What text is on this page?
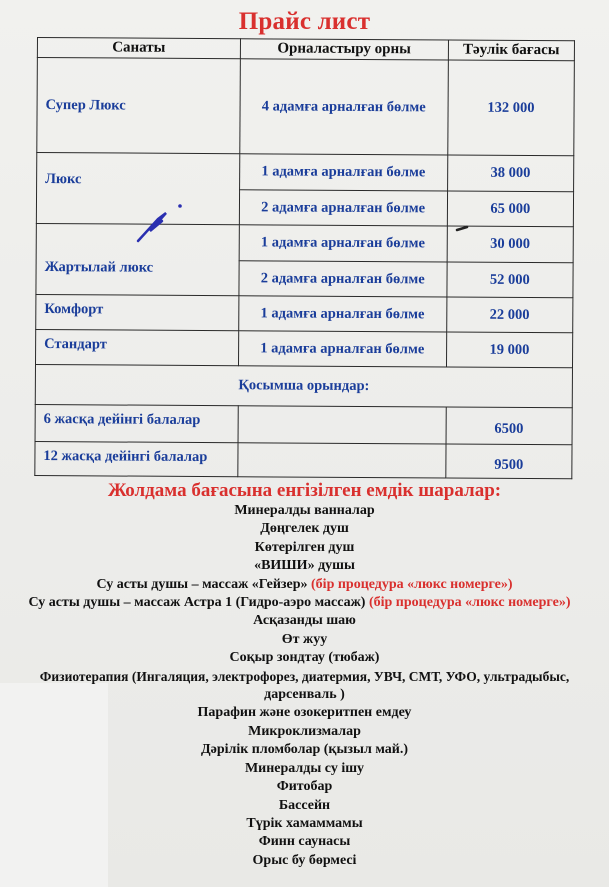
Прайс лист
Санаты	Орналастыру орны	Тәулік бағасы
Супер Люкс	4 адамға арналған бөлме	132 000
Люкс	1 адамға арналған бөлме	38 000
	2 адамға арналған бөлме	65 000
Жартылай люкс	1 адамға арналған бөлме	30 000
	2 адамға арналған бөлме	52 000
Комфорт	1 адамға арналған бөлме	22 000
Стандарт	1 адамға арналған бөлме	19 000
Қосымша орындар:		
6 жасқа дейінгі балалар		6500
12 жасқа дейінгі балалар		9500
Жолдама бағасына енгізілген емдік шаралар:
Минералды ванналар
Дөңгелек душ
Көтерілген душ
«ВИШИ» душы
Су асты душы – массаж «Гейзер» (бір процедура «люкс номерге»)
Су асты душы – массаж Астра 1 (Гидро-аэро массаж) (бір процедура «люкс номерге»)
Асқазанды шаю
Өт жуу
Соқыр зондтау (тюбаж)
Физиотерапия (Ингаляция, электрофорез, диатермия, УВЧ, СМТ, УФО, ультрадыбыс,
дарсенваль )
Парафин және озокеритпен емдеу
Микроклизмалар
Дәрілік пломболар (қызыл май.)
Минералды су ішу
Фитобар
Бассейн
Түрік хамаммамы
Финн саунасы
Орыс бу бөрмесі
